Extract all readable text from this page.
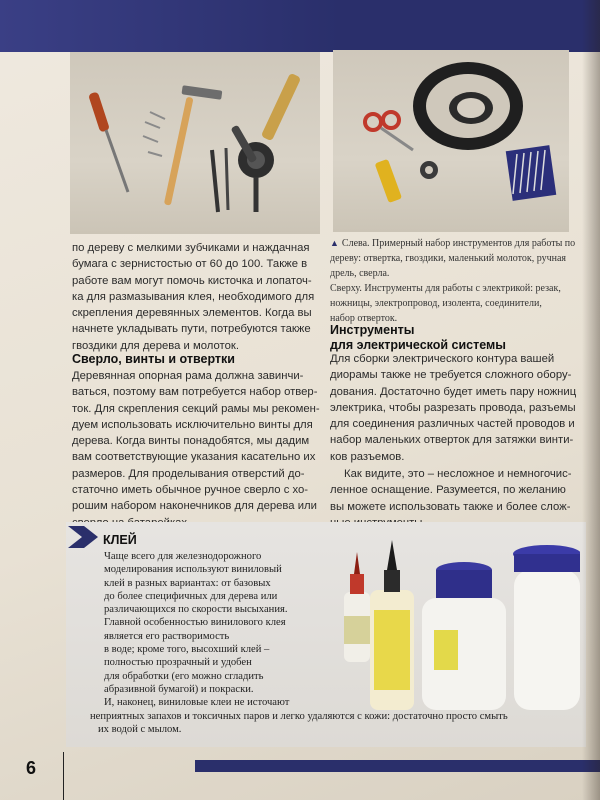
по дереву с мелкими зубчиками и наждачная
бумага с зернистостью от 60 до 100. Также в
работе вам могут помочь кисточка и лопаточ-
ка для размазывания клея, необходимого для
скрепления деревянных элементов. Когда вы
начнете укладывать пути, потребуются также
гвоздики для дерева и молоток.
Сверло, винты и отвертки
Деревянная опорная рама должна завинчи-
ваться, поэтому вам потребуется набор отвер-
ток. Для скрепления секций рамы мы рекомен-
дуем использовать исключительно винты для
дерева. Когда винты понадобятся, мы дадим
вам соответствующие указания касательно их
размеров. Для проделывания отверстий до-
статочно иметь обычное ручное сверло с хо-
рошим набором наконечников для дерева или
▲ Слева. Примерный набор инструментов для работы по
дереву: отвертка, гвоздики, маленький молоток, ручная
дрель, сверла.
Сверху. Инструменты для работы с электрикой: резак,
ножницы, электропровод, изолента, соединители,
набор отверток.
Инструменты
для электрической системы
Для сборки электрического контура вашей
диорамы также не требуется сложного обору-
дования. Достаточно будет иметь пару ножниц
электрика, чтобы разрезать провода, разъемы
для соединения различных частей проводов и
набор маленьких отверток для затяжки винти-
ков разъемов.
Как видите, это – несложное и немногочис-
ленное оснащение. Разумеется, по желанию
вы можете использовать также и более слож-
КЛЕЙ
Чаще всего для железнодорожного
моделирования используют виниловый
клей в разных вариантах: от базовых
до более специфичных для дерева или
различающихся по скорости высыхания.
Главной особенностью винилового клея
является его растворимость
в воде; кроме того, высохший клей –
полностью прозрачный и удобен
для обработки (его можно сгладить
абразивной бумагой) и покраски.
И, наконец, виниловые клеи не источают
неприятных запахов и токсичных паров и легко удаляются с кожи: достаточно просто смыть
их водой с мылом.
6
